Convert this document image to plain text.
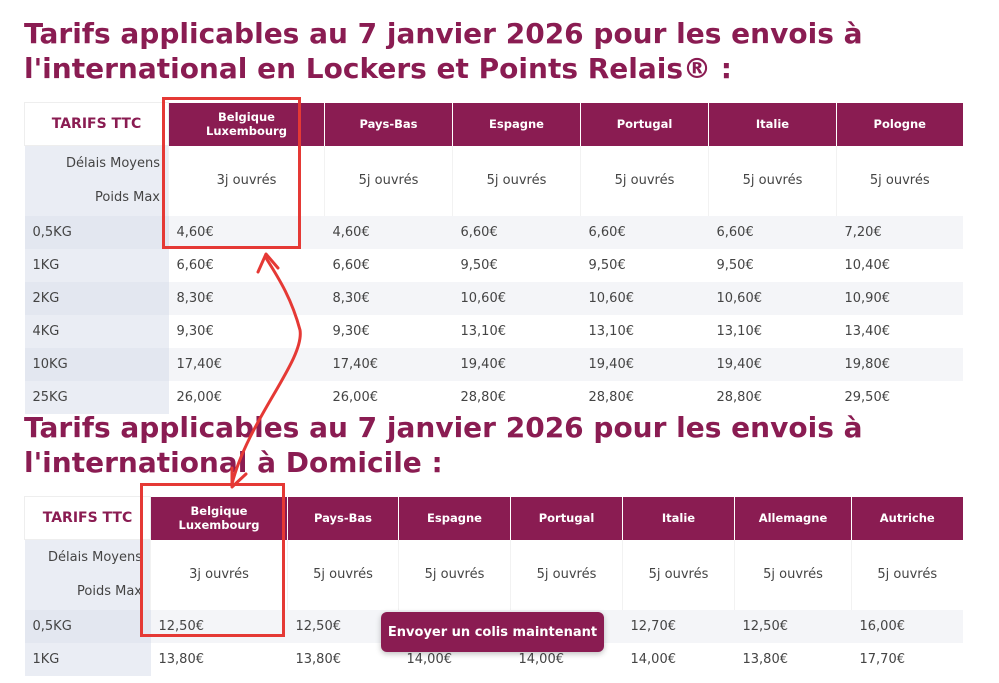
Tarifs applicables au 7 janvier 2026 pour les envois à
l'international en Lockers et Points Relais® :
TARIFS TTC	Belgique
Luxembourg	Pays-Bas	Espagne	Portugal	Italie	Pologne

Délais Moyens
Poids Max	3j ouvrés	5j ouvrés	5j ouvrés	5j ouvrés	5j ouvrés	5j ouvrés
0,5KG	4,60€	4,60€	6,60€	6,60€	6,60€	7,20€
1KG	6,60€	6,60€	9,50€	9,50€	9,50€	10,40€
2KG	8,30€	8,30€	10,60€	10,60€	10,60€	10,90€
4KG	9,30€	9,30€	13,10€	13,10€	13,10€	13,40€
10KG	17,40€	17,40€	19,40€	19,40€	19,40€	19,80€
25KG	26,00€	26,00€	28,80€	28,80€	28,80€	29,50€
Tarifs applicables au 7 janvier 2026 pour les envois à
l'international à Domicile :
TARIFS TTC	Belgique
Luxembourg	Pays-Bas	Espagne	Portugal	Italie	Allemagne	Autriche

Délais Moyens
Poids Max	3j ouvrés	5j ouvrés	5j ouvrés	5j ouvrés	5j ouvrés	5j ouvrés	5j ouvrés
0,5KG	12,50€	12,50€			12,70€	12,50€	16,00€
1KG	13,80€	13,80€	14,00€	14,00€	14,00€	13,80€	17,70€
Envoyer un colis maintenant
